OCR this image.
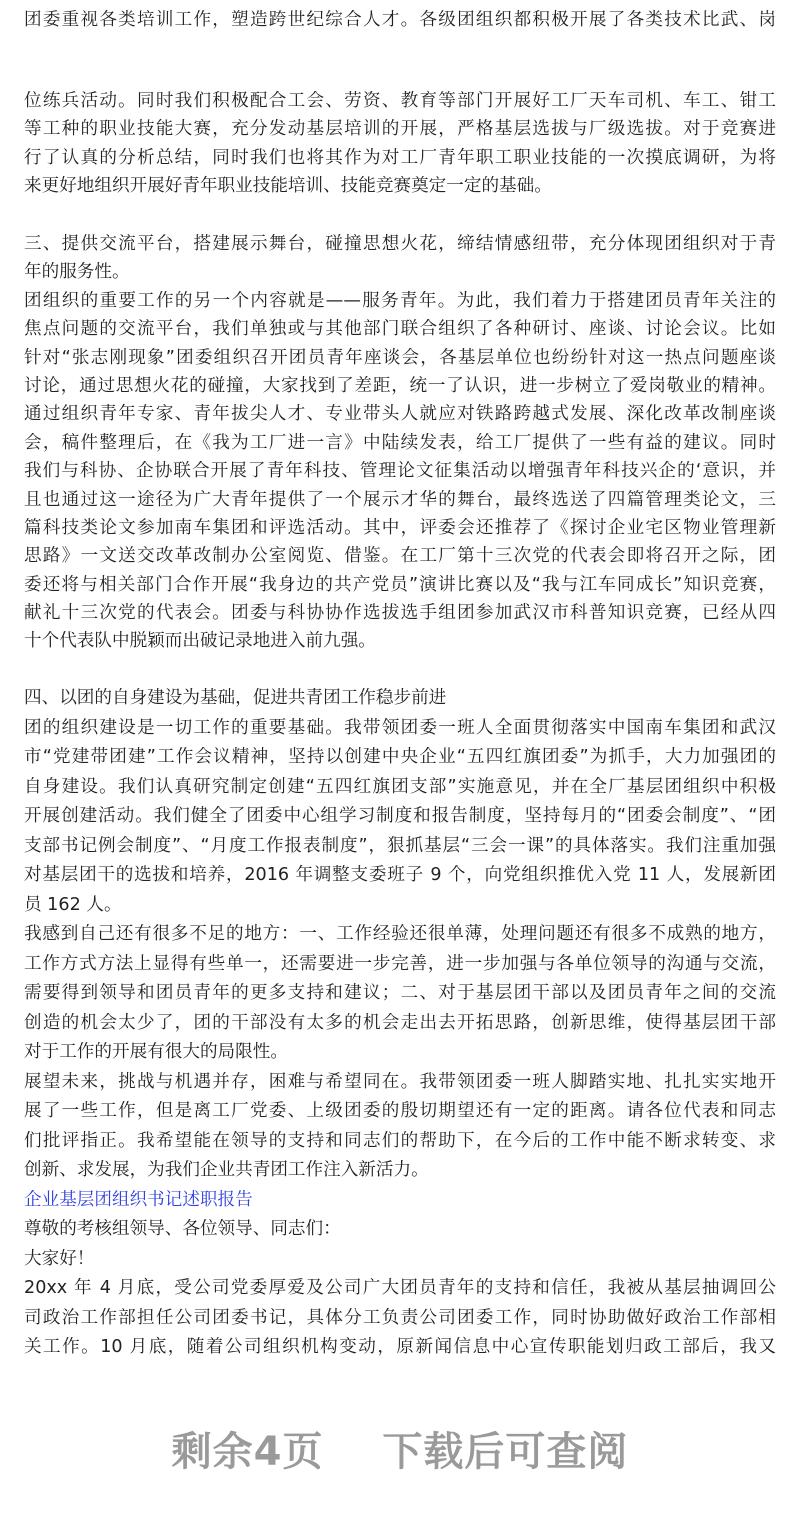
团委重视各类培训工作，塑造跨世纪综合人才。各级团组织都积极开展了各类技术比武、岗
位练兵活动。同时我们积极配合工会、劳资、教育等部门开展好工厂天车司机、车工、钳工
等工种的职业技能大赛，充分发动基层培训的开展，严格基层选拔与厂级选拔。对于竞赛进
行了认真的分析总结，同时我们也将其作为对工厂青年职工职业技能的一次摸底调研，为将
来更好地组织开展好青年职业技能培训、技能竞赛奠定一定的基础。
三、提供交流平台，搭建展示舞台，碰撞思想火花，缔结情感纽带，充分体现团组织对于青
年的服务性。
团组织的重要工作的另一个内容就是——服务青年。为此，我们着力于搭建团员青年关注的
焦点问题的交流平台，我们单独或与其他部门联合组织了各种研讨、座谈、讨论会议。比如
针对“张志刚现象”团委组织召开团员青年座谈会，各基层单位也纷纷针对这一热点问题座谈
讨论，通过思想火花的碰撞，大家找到了差距，统一了认识，进一步树立了爱岗敬业的精神。
通过组织青年专家、青年拔尖人才、专业带头人就应对铁路跨越式发展、深化改革改制座谈
会，稿件整理后，在《我为工厂进一言》中陆续发表，给工厂提供了一些有益的建议。同时
我们与科协、企协联合开展了青年科技、管理论文征集活动以增强青年科技兴企的‘意识，并
且也通过这一途径为广大青年提供了一个展示才华的舞台，最终选送了四篇管理类论文，三
篇科技类论文参加南车集团和评选活动。其中，评委会还推荐了《探讨企业宅区物业管理新
思路》一文送交改革改制办公室阅览、借鉴。在工厂第十三次党的代表会即将召开之际，团
委还将与相关部门合作开展“我身边的共产党员”演讲比赛以及“我与江车同成长”知识竞赛，
献礼十三次党的代表会。团委与科协协作选拔选手组团参加武汉市科普知识竞赛，已经从四
十个代表队中脱颖而出破记录地进入前九强。
四、以团的自身建设为基础，促进共青团工作稳步前进
团的组织建设是一切工作的重要基础。我带领团委一班人全面贯彻落实中国南车集团和武汉
市“党建带团建”工作会议精神，坚持以创建中央企业“五四红旗团委”为抓手，大力加强团的
自身建设。我们认真研究制定创建“五四红旗团支部”实施意见，并在全厂基层团组织中积极
开展创建活动。我们健全了团委中心组学习制度和报告制度，坚持每月的“团委会制度”、“团
支部书记例会制度”、“月度工作报表制度”，狠抓基层“三会一课”的具体落实。我们注重加强
对基层团干的选拔和培养，2016 年调整支委班子 9 个，向党组织推优入党 11 人，发展新团
员 162 人。
我感到自己还有很多不足的地方：一、工作经验还很单薄，处理问题还有很多不成熟的地方，
工作方式方法上显得有些单一，还需要进一步完善，进一步加强与各单位领导的沟通与交流，
需要得到领导和团员青年的更多支持和建议；二、对于基层团干部以及团员青年之间的交流
创造的机会太少了，团的干部没有太多的机会走出去开拓思路，创新思维，使得基层团干部
对于工作的开展有很大的局限性。
展望未来，挑战与机遇并存，困难与希望同在。我带领团委一班人脚踏实地、扎扎实实地开
展了一些工作，但是离工厂党委、上级团委的殷切期望还有一定的距离。请各位代表和同志
们批评指正。我希望能在领导的支持和同志们的帮助下，在今后的工作中能不断求转变、求
创新、求发展，为我们企业共青团工作注入新活力。
企业基层团组织书记述职报告
尊敬的考核组领导、各位领导、同志们：
大家好！
20xx 年 4 月底，受公司党委厚爱及公司广大团员青年的支持和信任，我被从基层抽调回公
司政治工作部担任公司团委书记，具体分工负责公司团委工作，同时协助做好政治工作部相
关工作。10 月底，随着公司组织机构变动，原新闻信息中心宣传职能划归政工部后，我又
剩余4页 下载后可查阅
